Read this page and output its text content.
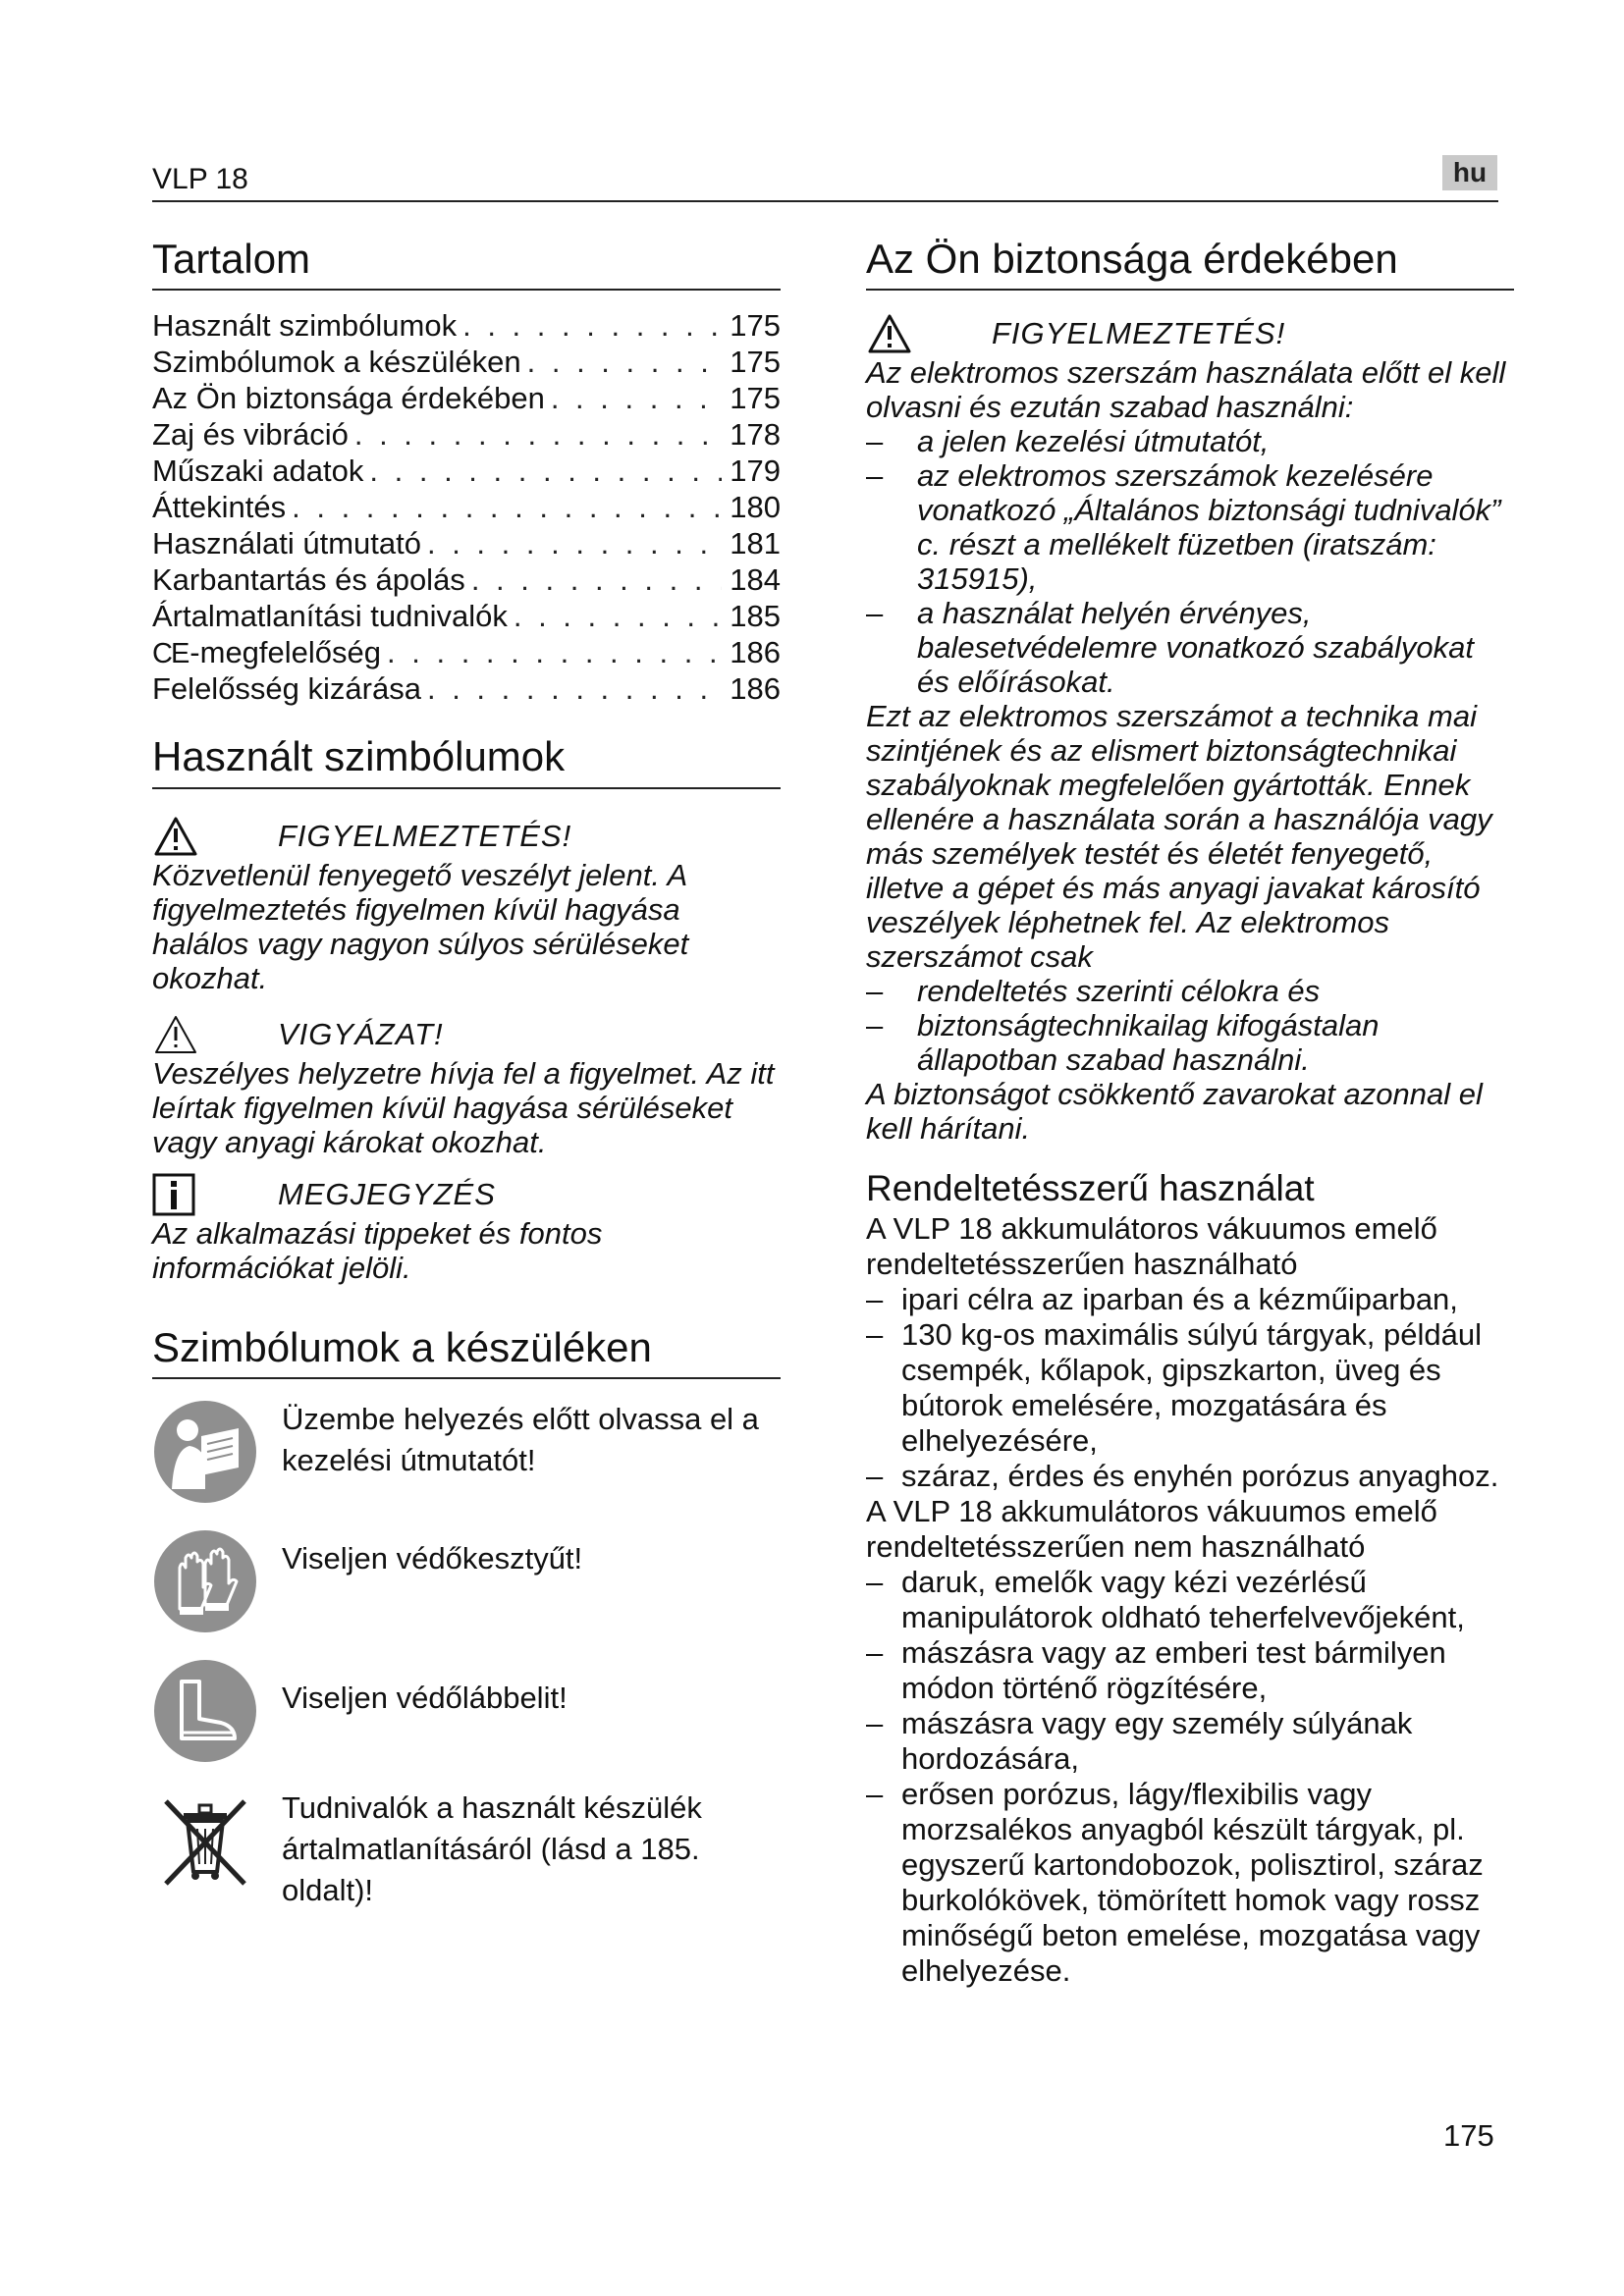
VLP 18	hu
Tartalom
Használt szimbólumok . . .	175
Szimbólumok a készüléken . . .	175
Az Ön biztonsága érdekében . . .	175
Zaj és vibráció . . .	178
Műszaki adatok . . .	179
Áttekintés . . .	180
Használati útmutató . . .	181
Karbantartás és ápolás . . .	184
Ártalmatlanítási tudnivalók . . .	185
CE-megfelelőség . . .	186
Felelősség kizárása . . .	186
Használt szimbólumok
FIGYELMEZTETÉS!
Közvetlenül fenyegető veszélyt jelent. A figyelmeztetés figyelmen kívül hagyása halálos vagy nagyon súlyos sérüléseket okozhat.
VIGYÁZAT!
Veszélyes helyzetre hívja fel a figyelmet. Az itt leírtak figyelmen kívül hagyása sérüléseket vagy anyagi károkat okozhat.
MEGJEGYZÉS
Az alkalmazási tippeket és fontos információkat jelöli.
Szimbólumok a készüléken
Üzembe helyezés előtt olvassa el a kezelési útmutatót!
Viseljen védőkesztyűt!
Viseljen védőlábbelit!
Tudnivalók a használt készülék ártalmatlanításáról (lásd a 185. oldalt)!
Az Ön biztonsága érdekében
FIGYELMEZTETÉS!

Az elektromos szerszám használata előtt el kell olvasni és ezután szabad használni:

– a jelen kezelési útmutatót,
– az elektromos szerszámok kezelésére vonatkozó „Általános biztonsági tudnivalók” c. részt a mellékelt füzetben (iratszám: 315915),
– a használat helyén érvényes, balesetvédelemre vonatkozó szabályokat és előírásokat.

Ezt az elektromos szerszámot a technika mai szintjének és az elismert biztonságtechnikai szabályoknak megfelelően gyártották. Ennek ellenére a használata során a használója vagy más személyek testét és életét fenyegető, illetve a gépet és más anyagi javakat károsító veszélyek léphetnek fel. Az elektromos szerszámot csak

– rendeltetés szerinti célokra és
– biztonságtechnikailag kifogástalan állapotban szabad használni.

A biztonságot csökkentő zavarokat azonnal el kell hárítani.

Rendeltetésszerű használat

A VLP 18 akkumulátoros vákuumos emelő rendeltetésszerűen használható

– ipari célra az iparban és a kézműiparban,
– 130 kg-os maximális súlyú tárgyak, például csempék, kőlapok, gipszkarton, üveg és bútorok emelésére, mozgatására és elhelyezésére,
– száraz, érdes és enyhén porózus anyaghoz.

A VLP 18 akkumulátoros vákuumos emelő rendeltetésszerűen nem használható

– daruk, emelők vagy kézi vezérlésű manipulátorok oldható teherfelvevőjeként,
– mászásra vagy az emberi test bármilyen módon történő rögzítésére,
– mászásra vagy egy személy súlyának hordozására,
– erősen porózus, lágy/flexibilis vagy morzsalékos anyagból készült tárgyak, pl. egyszerű kartondobozok, polisztirol, száraz burkolókövek, tömörített homok vagy rossz minőségű beton emelése, mozgatása vagy elhelyezése.
175
